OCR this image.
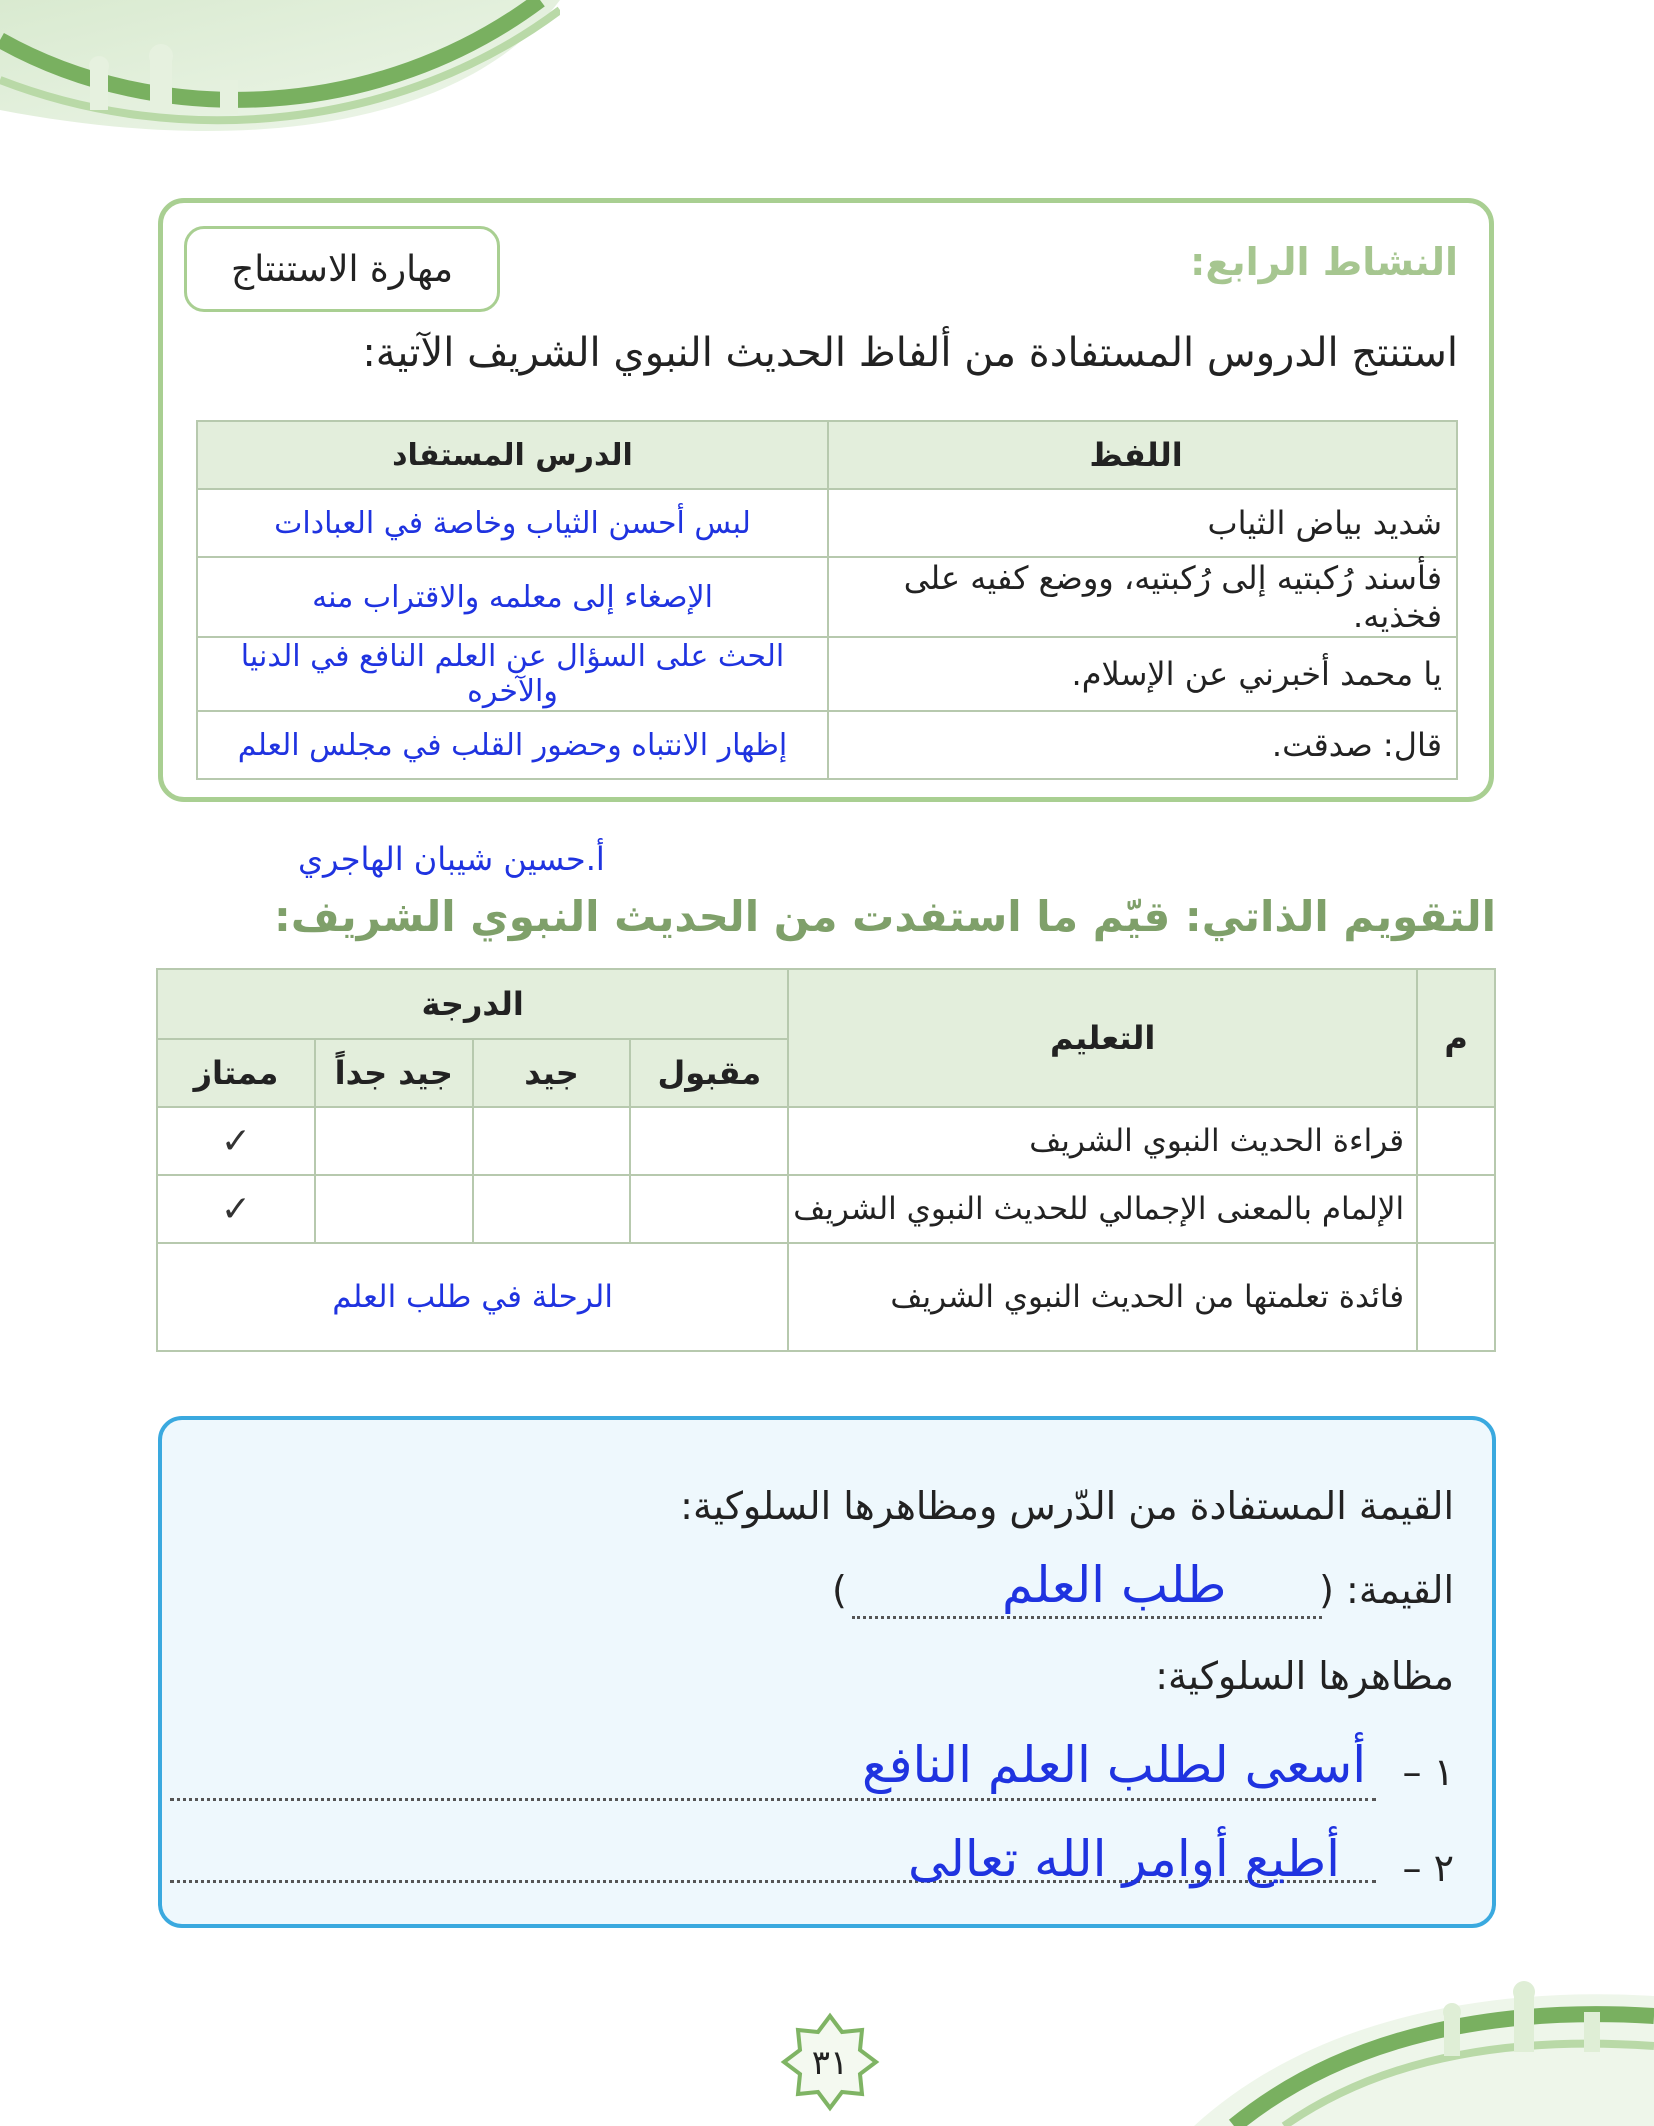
مهارة الاستنتاج	النشاط الرابع:
استنتج الدروس المستفادة من ألفاظ الحديث النبوي الشريف الآتية:
اللفظ	الدرس المستفاد
شديد بياض الثياب	لبس أحسن الثياب وخاصة في العبادات
فأسند رُكبتيه إلى رُكبتيه، ووضع كفيه على فخذيه.	الإصغاء إلى معلمه والاقتراب منه
يا محمد أخبرني عن الإسلام.	الحث على السؤال عن العلم النافع في الدنيا والآخره
قال: صدقت.	إظهار الانتباه وحضور القلب في مجلس العلم
أ.حسين شيبان الهاجري
التقويم الذاتي: قيّم ما استفدت من الحديث النبوي الشريف:
م	التعليم	الدرجة			
		مقبول	جيد	جيد جداً	ممتاز
	قراءة الحديث النبوي الشريف				✓
	الإلمام بالمعنى الإجمالي للحديث النبوي الشريف				✓
	فائدة تعلمتها من الحديث النبوي الشريف	الرحلة في طلب العلم			
القيمة المستفادة من الدّرس ومظاهرها السلوكية:
القيمة: (
طلب العلم
)
مظاهرها السلوكية:
١ –
أسعى لطلب العلم النافع
٢ –
أطيع أوامر الله تعالى
٣١
